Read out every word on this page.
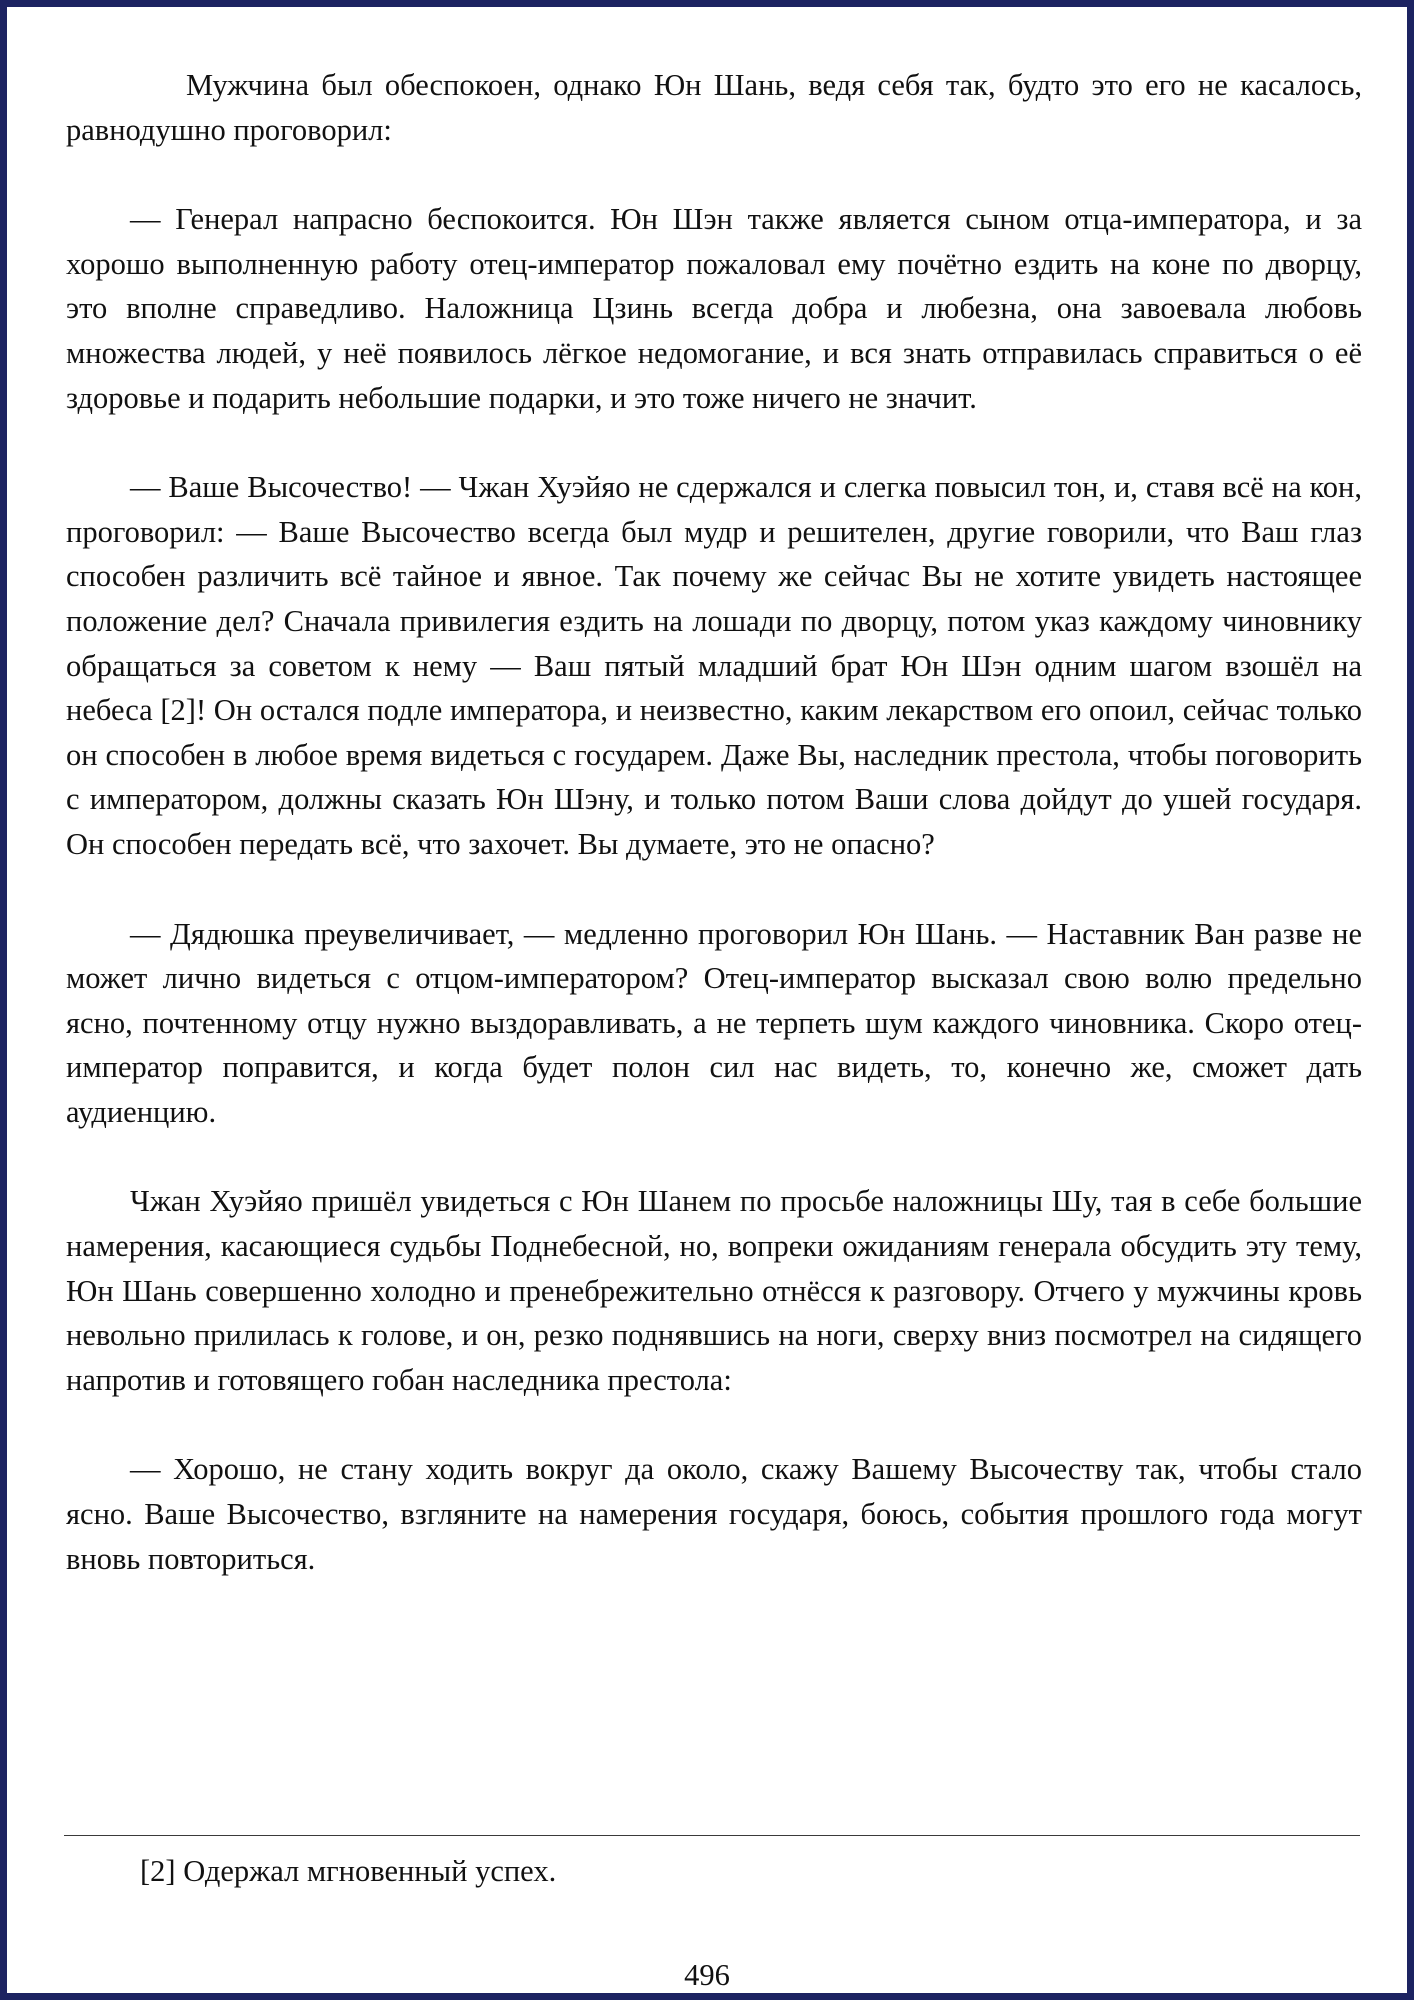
Мужчина был обеспокоен, однако Юн Шань, ведя себя так, будто это его не касалось, равнодушно проговорил:

— Генерал напрасно беспокоится. Юн Шэн также является сыном отца-императора, и за хорошо выполненную работу отец-император пожаловал ему почётно ездить на коне по дворцу, это вполне справедливо. Наложница Цзинь всегда добра и любезна, она завоевала любовь множества людей, у неё появилось лёгкое недомогание, и вся знать отправилась справиться о её здоровье и подарить небольшие подарки, и это тоже ничего не значит.

— Ваше Высочество! — Чжан Хуэйяо не сдержался и слегка повысил тон, и, ставя всё на кон, проговорил: — Ваше Высочество всегда был мудр и решителен, другие говорили, что Ваш глаз способен различить всё тайное и явное. Так почему же сейчас Вы не хотите увидеть настоящее положение дел? Сначала привилегия ездить на лошади по дворцу, потом указ каждому чиновнику обращаться за советом к нему — Ваш пятый младший брат Юн Шэн одним шагом взошёл на небеса [2]! Он остался подле императора, и неизвестно, каким лекарством его опоил, сейчас только он способен в любое время видеться с государем. Даже Вы, наследник престола, чтобы поговорить с императором, должны сказать Юн Шэну, и только потом Ваши слова дойдут до ушей государя. Он способен передать всё, что захочет. Вы думаете, это не опасно?

— Дядюшка преувеличивает, — медленно проговорил Юн Шань. — Наставник Ван разве не может лично видеться с отцом-императором? Отец-император высказал свою волю предельно ясно, почтенному отцу нужно выздоравливать, а не терпеть шум каждого чиновника. Скоро отец-император поправится, и когда будет полон сил нас видеть, то, конечно же, сможет дать аудиенцию.

Чжан Хуэйяо пришёл увидеться с Юн Шанем по просьбе наложницы Шу, тая в себе большие намерения, касающиеся судьбы Поднебесной, но, вопреки ожиданиям генерала обсудить эту тему, Юн Шань совершенно холодно и пренебрежительно отнёсся к разговору. Отчего у мужчины кровь невольно прилилась к голове, и он, резко поднявшись на ноги, сверху вниз посмотрел на сидящего напротив и готовящего гобан наследника престола:

— Хорошо, не стану ходить вокруг да около, скажу Вашему Высочеству так, чтобы стало ясно. Ваше Высочество, взгляните на намерения государя, боюсь, события прошлого года могут вновь повториться.

[2] Одержал мгновенный успех.

496
